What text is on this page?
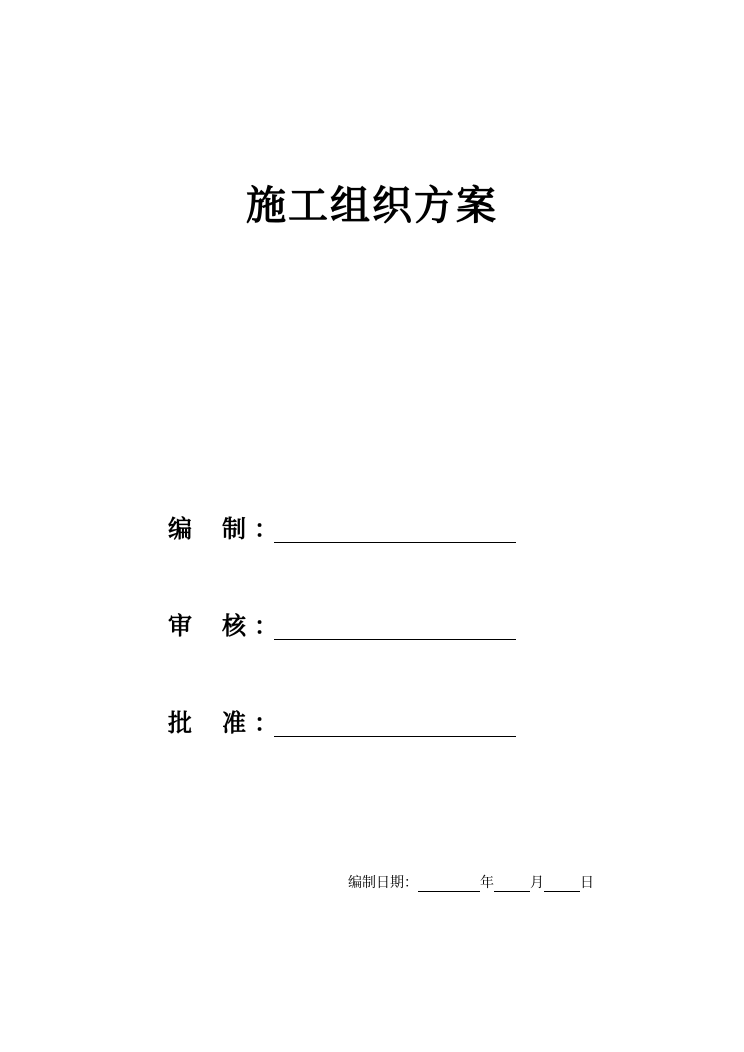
施工组织方案
编 制 ：
审 核 ：
批 准 ：
编制日期：	年	月	日
